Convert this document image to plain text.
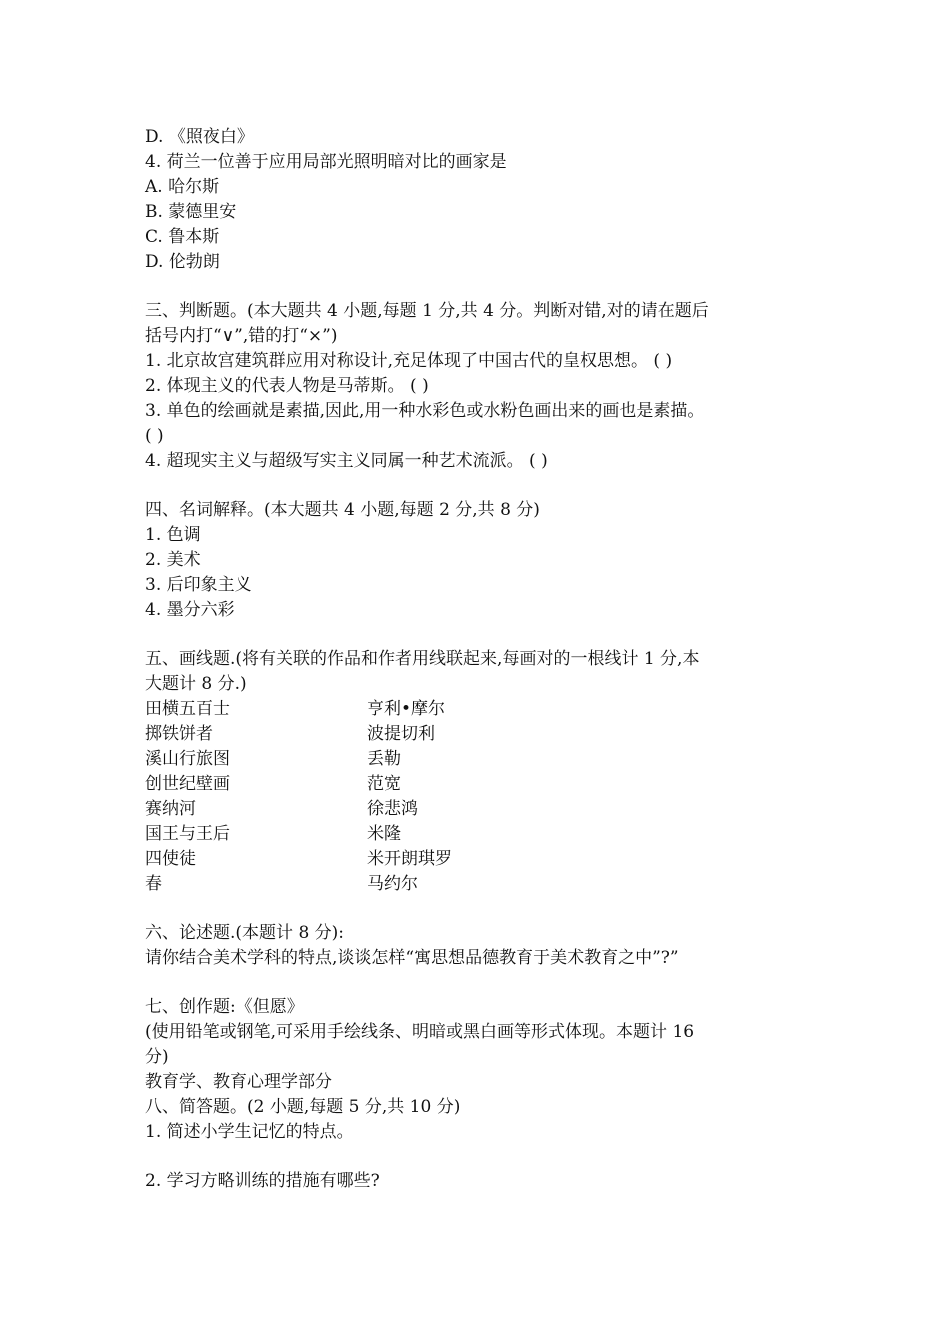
D. 《照夜白》
4. 荷兰一位善于应用局部光照明暗对比的画家是
A. 哈尔斯
B. 蒙德里安
C. 鲁本斯
D. 伦勃朗
三、判断题。(本大题共 4 小题,每题 1 分,共 4 分。判断对错,对的请在题后
括号内打“∨”,错的打“×”)
1. 北京故宫建筑群应用对称设计,充足体现了中国古代的皇权思想。 ( )
2. 体现主义的代表人物是马蒂斯。 ( )
3. 单色的绘画就是素描,因此,用一种水彩色或水粉色画出来的画也是素描。
( )
4. 超现实主义与超级写实主义同属一种艺术流派。 ( )
四、名词解释。(本大题共 4 小题,每题 2 分,共 8 分)
1. 色调
2. 美术
3. 后印象主义
4. 墨分六彩
五、画线题.(将有关联的作品和作者用线联起来,每画对的一根线计 1 分,本
大题计 8 分.)
田横五百士	亨利•摩尔
掷铁饼者	波提切利
溪山行旅图	丢勒
创世纪壁画	范宽
赛纳河	徐悲鸿
国王与王后	米隆
四使徒	米开朗琪罗
春	马约尔
六、论述题.(本题计 8 分):
请你结合美术学科的特点,谈谈怎样“寓思想品德教育于美术教育之中”?”
七、创作题:《但愿》
(使用铅笔或钢笔,可采用手绘线条、明暗或黑白画等形式体现。本题计 16
分)
教育学、教育心理学部分
八、简答题。(2 小题,每题 5 分,共 10 分)
1. 简述小学生记忆的特点。
2. 学习方略训练的措施有哪些?
